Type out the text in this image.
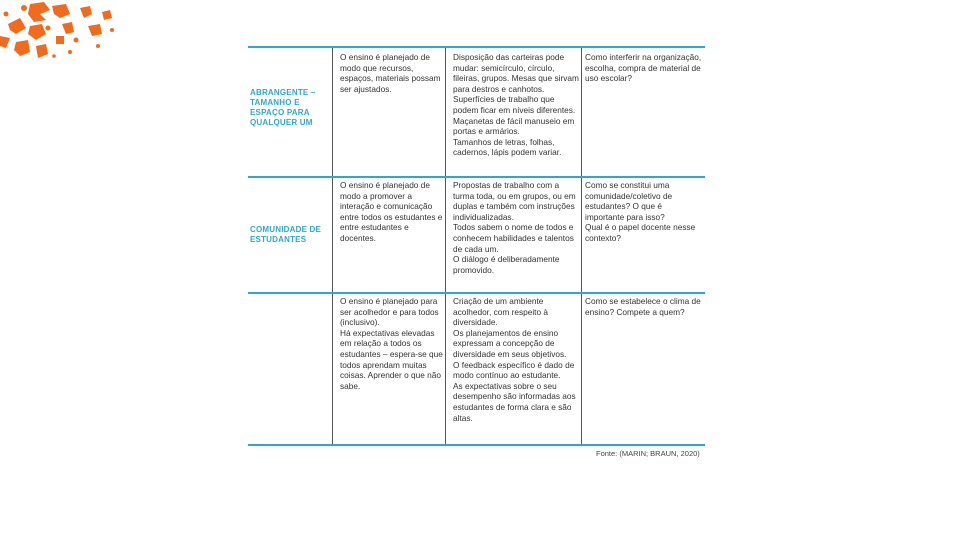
ABRANGENTE – TAMANHO E ESPAÇO PARA QUALQUER UM

O ensino é planejado de modo que recursos, espaços, materiais possam ser ajustados.

Disposição das carteiras pode mudar: semicírculo, círculo, fileiras, grupos. Mesas que sirvam para destros e canhotos.

Superfícies de trabalho que podem ficar em níveis diferentes.

Maçanetas de fácil manuseio em portas e armários.

Tamanhos de letras, folhas, cadernos, lápis podem variar.

Como interferir na organização, escolha, compra de material de uso escolar?

COMUNIDADE DE ESTUDANTES

O ensino é planejado de modo a promover a interação e comunicação entre todos os estudantes e entre estudantes e docentes.

Propostas de trabalho com a turma toda, ou em grupos, ou em duplas e também com instruções individualizadas.

Todos sabem o nome de todos e conhecem habilidades e talentos de cada um.

O diálogo é deliberadamente promovido.

Como se constitui uma comunidade/coletivo de estudantes? O que é importante para isso?

Qual é o papel docente nesse contexto?

O ensino é planejado para ser acolhedor e para todos (inclusivo).

Há expectativas elevadas em relação a todos os estudantes – espera-se que todos aprendam muitas coisas. Aprender o que não sabe.

Criação de um ambiente acolhedor, com respeito à diversidade.

Os planejamentos de ensino expressam a concepção de diversidade em seus objetivos.

O feedback específico é dado de modo contínuo ao estudante.

As expectativas sobre o seu desempenho são informadas aos estudantes de forma clara e são altas.

Como se estabelece o clima de ensino? Compete a quem?

Fonte: (MARIN; BRAUN, 2020)
